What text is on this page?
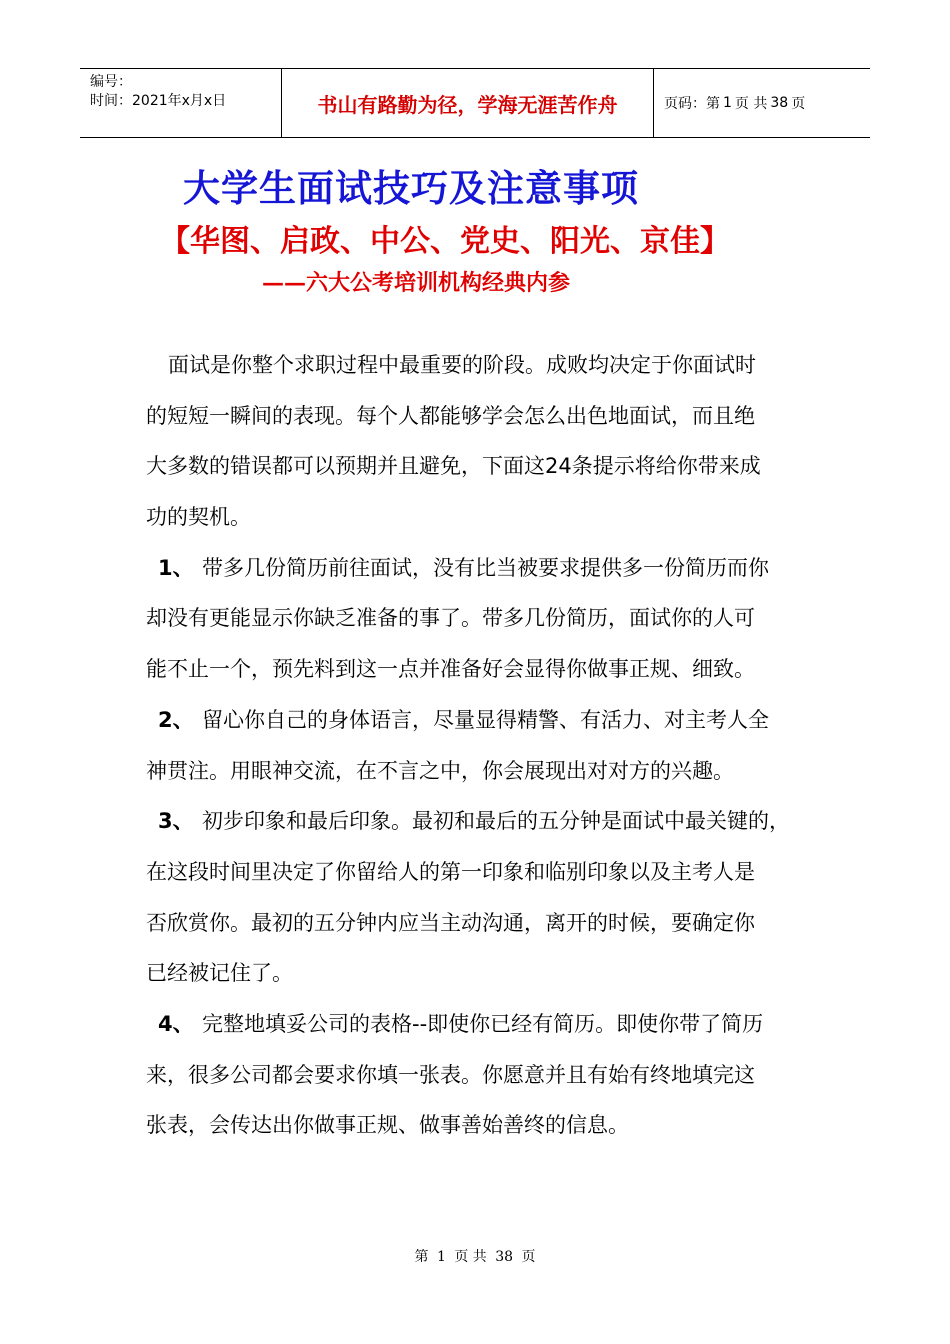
编号：
时间：2021年x月x日	书山有路勤为径，学海无涯苦作舟	页码：第 1 页 共 38 页
大学生面试技巧及注意事项
【华图、启政、中公、党史、阳光、京佳】
——六大公考培训机构经典内参
面试是你整个求职过程中最重要的阶段。成败均决定于你面试时
的短短一瞬间的表现。每个人都能够学会怎么出色地面试，而且绝
大多数的错误都可以预期并且避免，下面这24条提示将给你带来成
功的契机。
1、 带多几份简历前往面试，没有比当被要求提供多一份简历而你
却没有更能显示你缺乏准备的事了。带多几份简历，面试你的人可
能不止一个，预先料到这一点并准备好会显得你做事正规、细致。
2、 留心你自己的身体语言，尽量显得精警、有活力、对主考人全
神贯注。用眼神交流，在不言之中，你会展现出对对方的兴趣。
3、 初步印象和最后印象。最初和最后的五分钟是面试中最关键的，
在这段时间里决定了你留给人的第一印象和临别印象以及主考人是
否欣赏你。最初的五分钟内应当主动沟通，离开的时候，要确定你
已经被记住了。
4、 完整地填妥公司的表格--即使你已经有简历。即使你带了简历
来，很多公司都会要求你填一张表。你愿意并且有始有终地填完这
张表，会传达出你做事正规、做事善始善终的信息。
第 1 页 共 38 页
